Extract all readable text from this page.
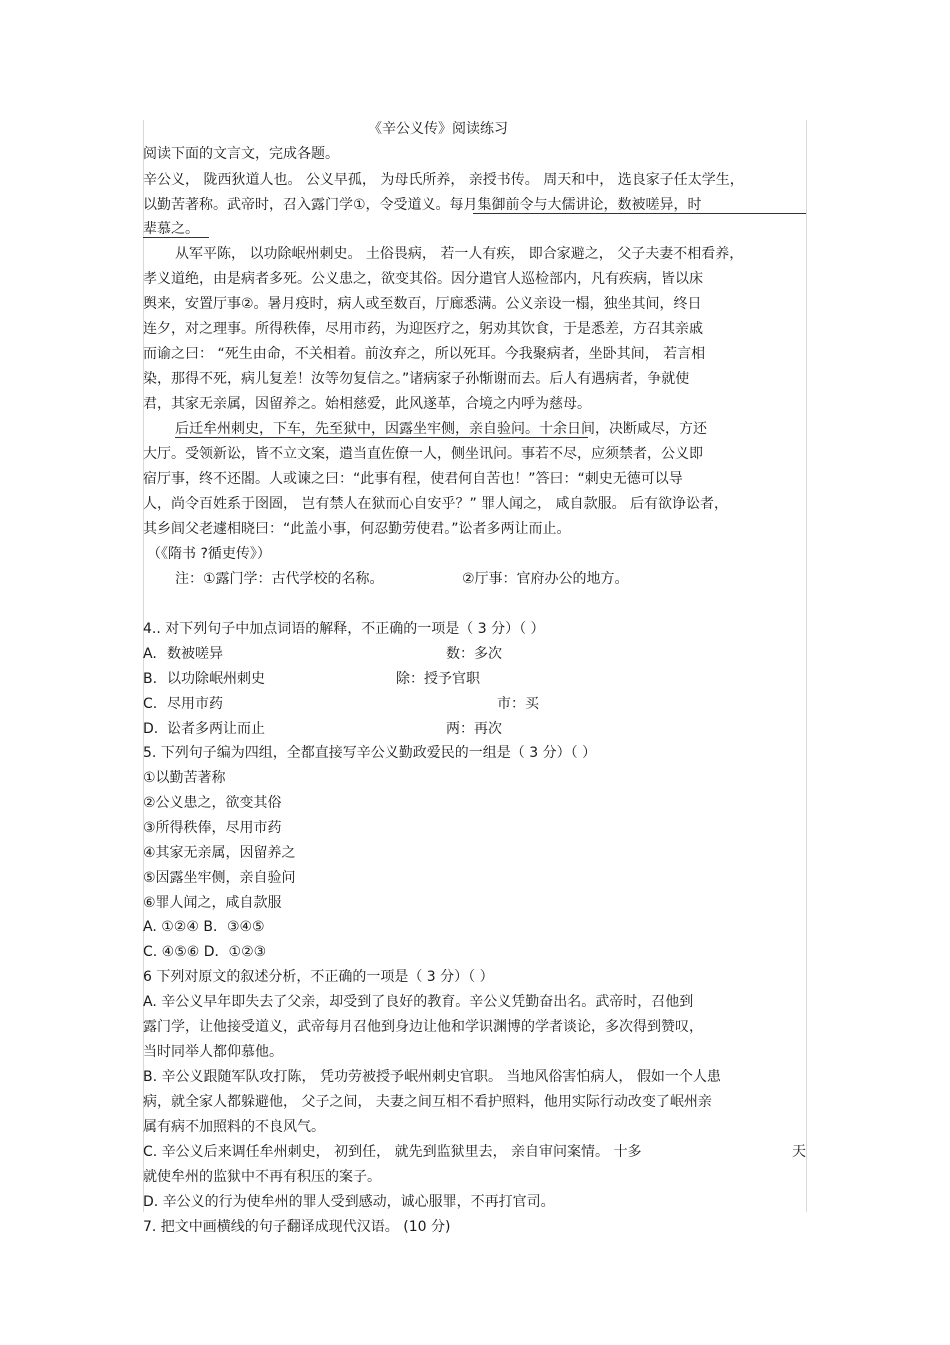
《辛公义传》阅读练习
阅读下面的文言文，完成各题。
辛公义， 陇西狄道人也。 公义早孤， 为母氏所养， 亲授书传。 周天和中， 选良家子任太学生，
以勤苦著称。武帝时，召入露门学①，令受道义。每月集御前令与大儒讲论，数被嗟异，时
辈慕之。
从军平陈， 以功除岷州刺史。 土俗畏病， 若一人有疾， 即合家避之， 父子夫妻不相看养，
孝义道绝，由是病者多死。公义患之，欲变其俗。因分遣官人巡检部内，凡有疾病，皆以床
舆来，安置厅事②。暑月疫时，病人或至数百，厅廊悉满。公义亲设一榻，独坐其间，终日
连夕，对之理事。所得秩俸，尽用市药，为迎医疗之，躬劝其饮食，于是悉差，方召其亲戚
而谕之曰： “死生由命，不关相着。前汝弃之，所以死耳。今我聚病者，坐卧其间， 若言相
染，那得不死，病儿复差！汝等勿复信之。”诸病家子孙惭谢而去。后人有遇病者，争就使
君，其家无亲属，因留养之。始相慈爱，此风遂革，合境之内呼为慈母。
后迁牟州刺史，下车，先至狱中，因露坐牢侧，亲自验问。十余日间，决断咸尽，方还
大厅。受领新讼，皆不立文案，遣当直佐僚一人，侧坐讯问。事若不尽，应须禁者，公义即
宿厅事，终不还閤。人或谏之曰：“此事有程，使君何自苦也！”答曰：“刺史无德可以导
人，尚令百姓系于囹圄， 岂有禁人在狱而心自安乎？” 罪人闻之， 咸自款服。 后有欲诤讼者，
其乡闾父老遽相晓曰：“此盖小事，何忍勤劳使君。”讼者多两让而止。
（《隋书 ?循吏传》）
注：①露门学：古代学校的名称。	②厅事：官府办公的地方。
4.. 对下列句子中加点词语的解释，不正确的一项是（ 3 分）（ ）
A. 数被嗟异	数：多次
B. 以功除岷州刺史	除：授予官职
C. 尽用市药	市：买
D. 讼者多两让而止	两：再次
5. 下列句子编为四组，全都直接写辛公义勤政爱民的一组是（ 3 分）（ ）
①以勤苦著称
②公义患之，欲变其俗
③所得秩俸，尽用市药
④其家无亲属，因留养之
⑤因露坐牢侧，亲自验问
⑥罪人闻之，咸自款服
A. ①②④ B．③④⑤
C. ④⑤⑥ D．①②③
6 下列对原文的叙述分析，不正确的一项是（ 3 分）（ ）
A. 辛公义早年即失去了父亲，却受到了良好的教育。辛公义凭勤奋出名。武帝时，召他到
露门学，让他接受道义，武帝每月召他到身边让他和学识渊博的学者谈论，多次得到赞叹，
当时同举人都仰慕他。
B. 辛公义跟随军队攻打陈， 凭功劳被授予岷州刺史官职。 当地风俗害怕病人， 假如一个人患
病，就全家人都躲避他， 父子之间， 夫妻之间互相不看护照料，他用实际行动改变了岷州亲
属有病不加照料的不良风气。
C. 辛公义后来调任牟州刺史， 初到任， 就先到监狱里去， 亲自审问案情。 十多	天
就使牟州的监狱中不再有积压的案子。
D. 辛公义的行为使牟州的罪人受到感动，诚心服罪，不再打官司。
7. 把文中画横线的句子翻译成现代汉语。 (10 分)
